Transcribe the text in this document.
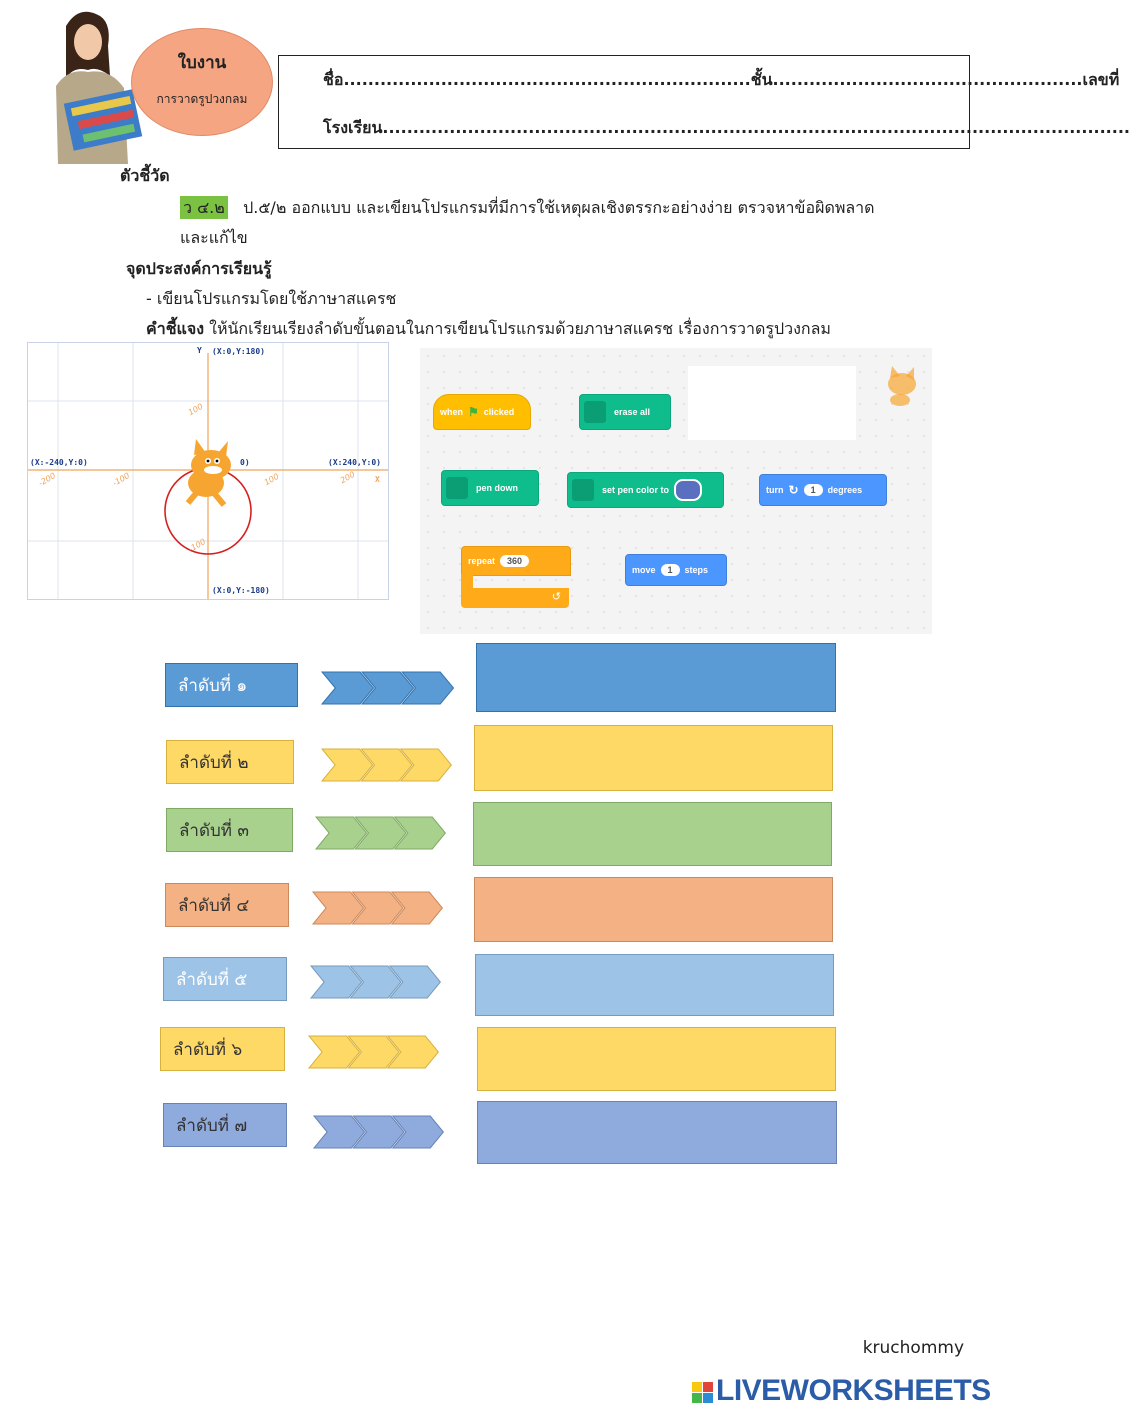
ใบงาน
การวาดรูปวงกลม
ชื่อ...................................................................ชั้น...................................................เลขที่
โรงเรียน...........................................................................................................................
ตัวชี้วัด
ว ๔.๒ ป.๕/๒ ออกแบบ และเขียนโปรแกรมที่มีการใช้เหตุผลเชิงตรรกะอย่างง่าย ตรวจหาข้อผิดพลาด
และแก้ไข
จุดประสงค์การเรียนรู้
- เขียนโปรแกรมโดยใช้ภาษาสแครช
คำชี้แจง ให้นักเรียนเรียงลำดับขั้นตอนในการเขียนโปรแกรมด้วยภาษาสแครช เรื่องการวาดรูปวงกลม
Y (X:0,Y:180)
(X:0,Y:-180)
(X:-240,Y:0)	(X:240,Y:0)
0)
X
100
-100
-200	100	200
-100
when ⚑ clicked	erase all
pen down	set pen color to	turn ↻	1	degrees
repeat	360
↺
move	1	steps
ลำดับที่ ๑
ลำดับที่ ๒
ลำดับที่ ๓
ลำดับที่ ๔
ลำดับที่ ๕
ลำดับที่ ๖
ลำดับที่ ๗
kruchommy
LIVEWORKSHEETS
